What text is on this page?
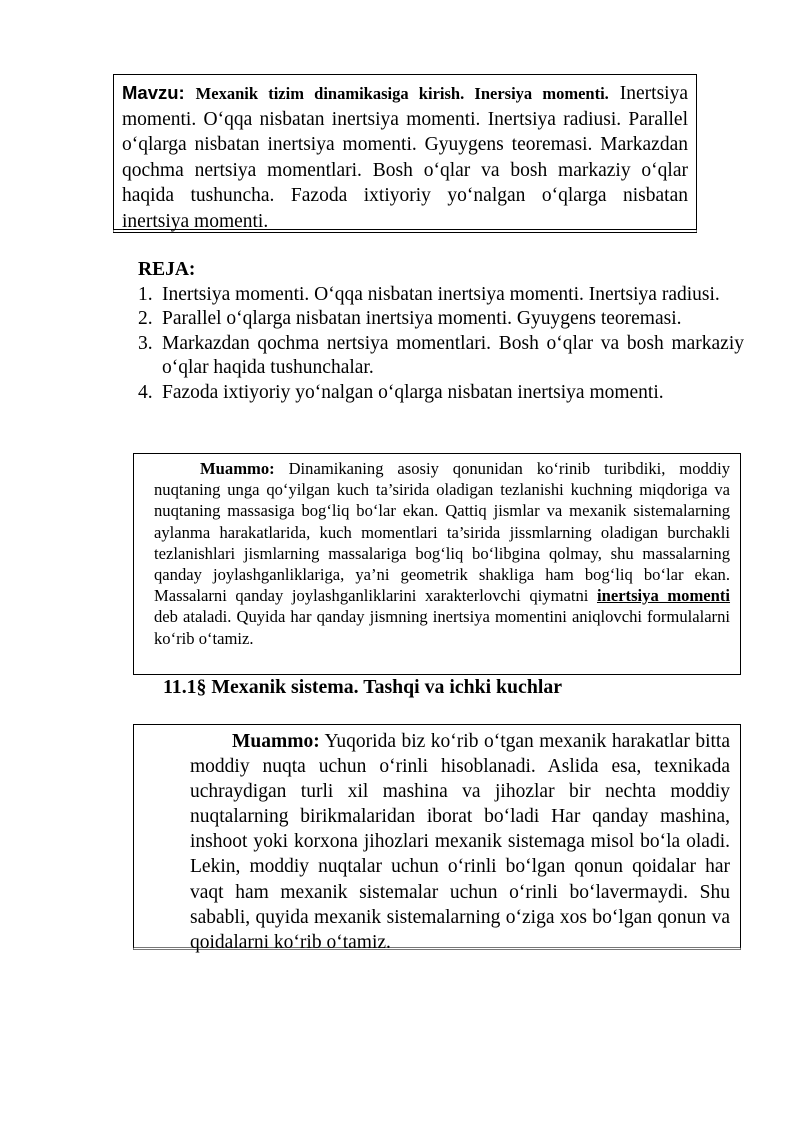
Mavzu: Mexanik tizim dinamikasiga kirish. Inersiya momenti. Inertsiya momenti. O‘qqa nisbatan inertsiya momenti. Inertsiya radiusi. Parallel o‘qlarga nisbatan inertsiya momenti. Gyuygens teoremasi. Markazdan qochma nertsiya momentlari. Bosh o‘qlar va bosh markaziy o‘qlar haqida tushuncha. Fazoda ixtiyoriy yo‘nalgan o‘qlarga nisbatan inertsiya momenti.
REJA:
1. Inertsiya momenti. O‘qqa nisbatan inertsiya momenti. Inertsiya radiusi.
2. Parallel o‘qlarga nisbatan inertsiya momenti. Gyuygens teoremasi.
3. Markazdan qochma nertsiya momentlari. Bosh o‘qlar va bosh markaziy o‘qlar haqida tushunchalar.
4. Fazoda ixtiyoriy yo‘nalgan o‘qlarga nisbatan inertsiya momenti.
Muammo: Dinamikaning asosiy qonunidan ko‘rinib turibdiki, moddiy nuqtaning unga qo‘yilgan kuch ta’sirida oladigan tezlanishi kuchning miqdoriga va nuqtaning massasiga bog‘liq bo‘lar ekan. Qattiq jismlar va mexanik sistemalarning aylanma harakatlarida, kuch momentlari ta’sirida jissmlarning oladigan burchakli tezlanishlari jismlarning massalariga bog‘liq bo‘libgina qolmay, shu massalarning qanday joylashganliklariga, ya’ni geometrik shakliga ham bog‘liq bo‘lar ekan. Massalarni qanday joylashganliklarini xarakterlovchi qiymatni inertsiya momenti deb ataladi. Quyida har qanday jismning inertsiya momentini aniqlovchi formulalarni ko‘rib o‘tamiz.
11.1§ Mexanik sistema. Tashqi va ichki kuchlar
Muammo: Yuqorida biz ko‘rib o‘tgan mexanik harakatlar bitta moddiy nuqta uchun o‘rinli hisoblanadi. Aslida esa, texnikada uchraydigan turli xil mashina va jihozlar bir nechta moddiy nuqtalarning birikmalaridan iborat bo‘ladi Har qanday mashina, inshoot yoki korxona jihozlari mexanik sistemaga misol bo‘la oladi. Lekin, moddiy nuqtalar uchun o‘rinli bo‘lgan qonun qoidalar har vaqt ham mexanik sistemalar uchun o‘rinli bo‘lavermaydi. Shu sababli, quyida mexanik sistemalarning o‘ziga xos bo‘lgan qonun va qoidalarni ko‘rib o‘tamiz.
